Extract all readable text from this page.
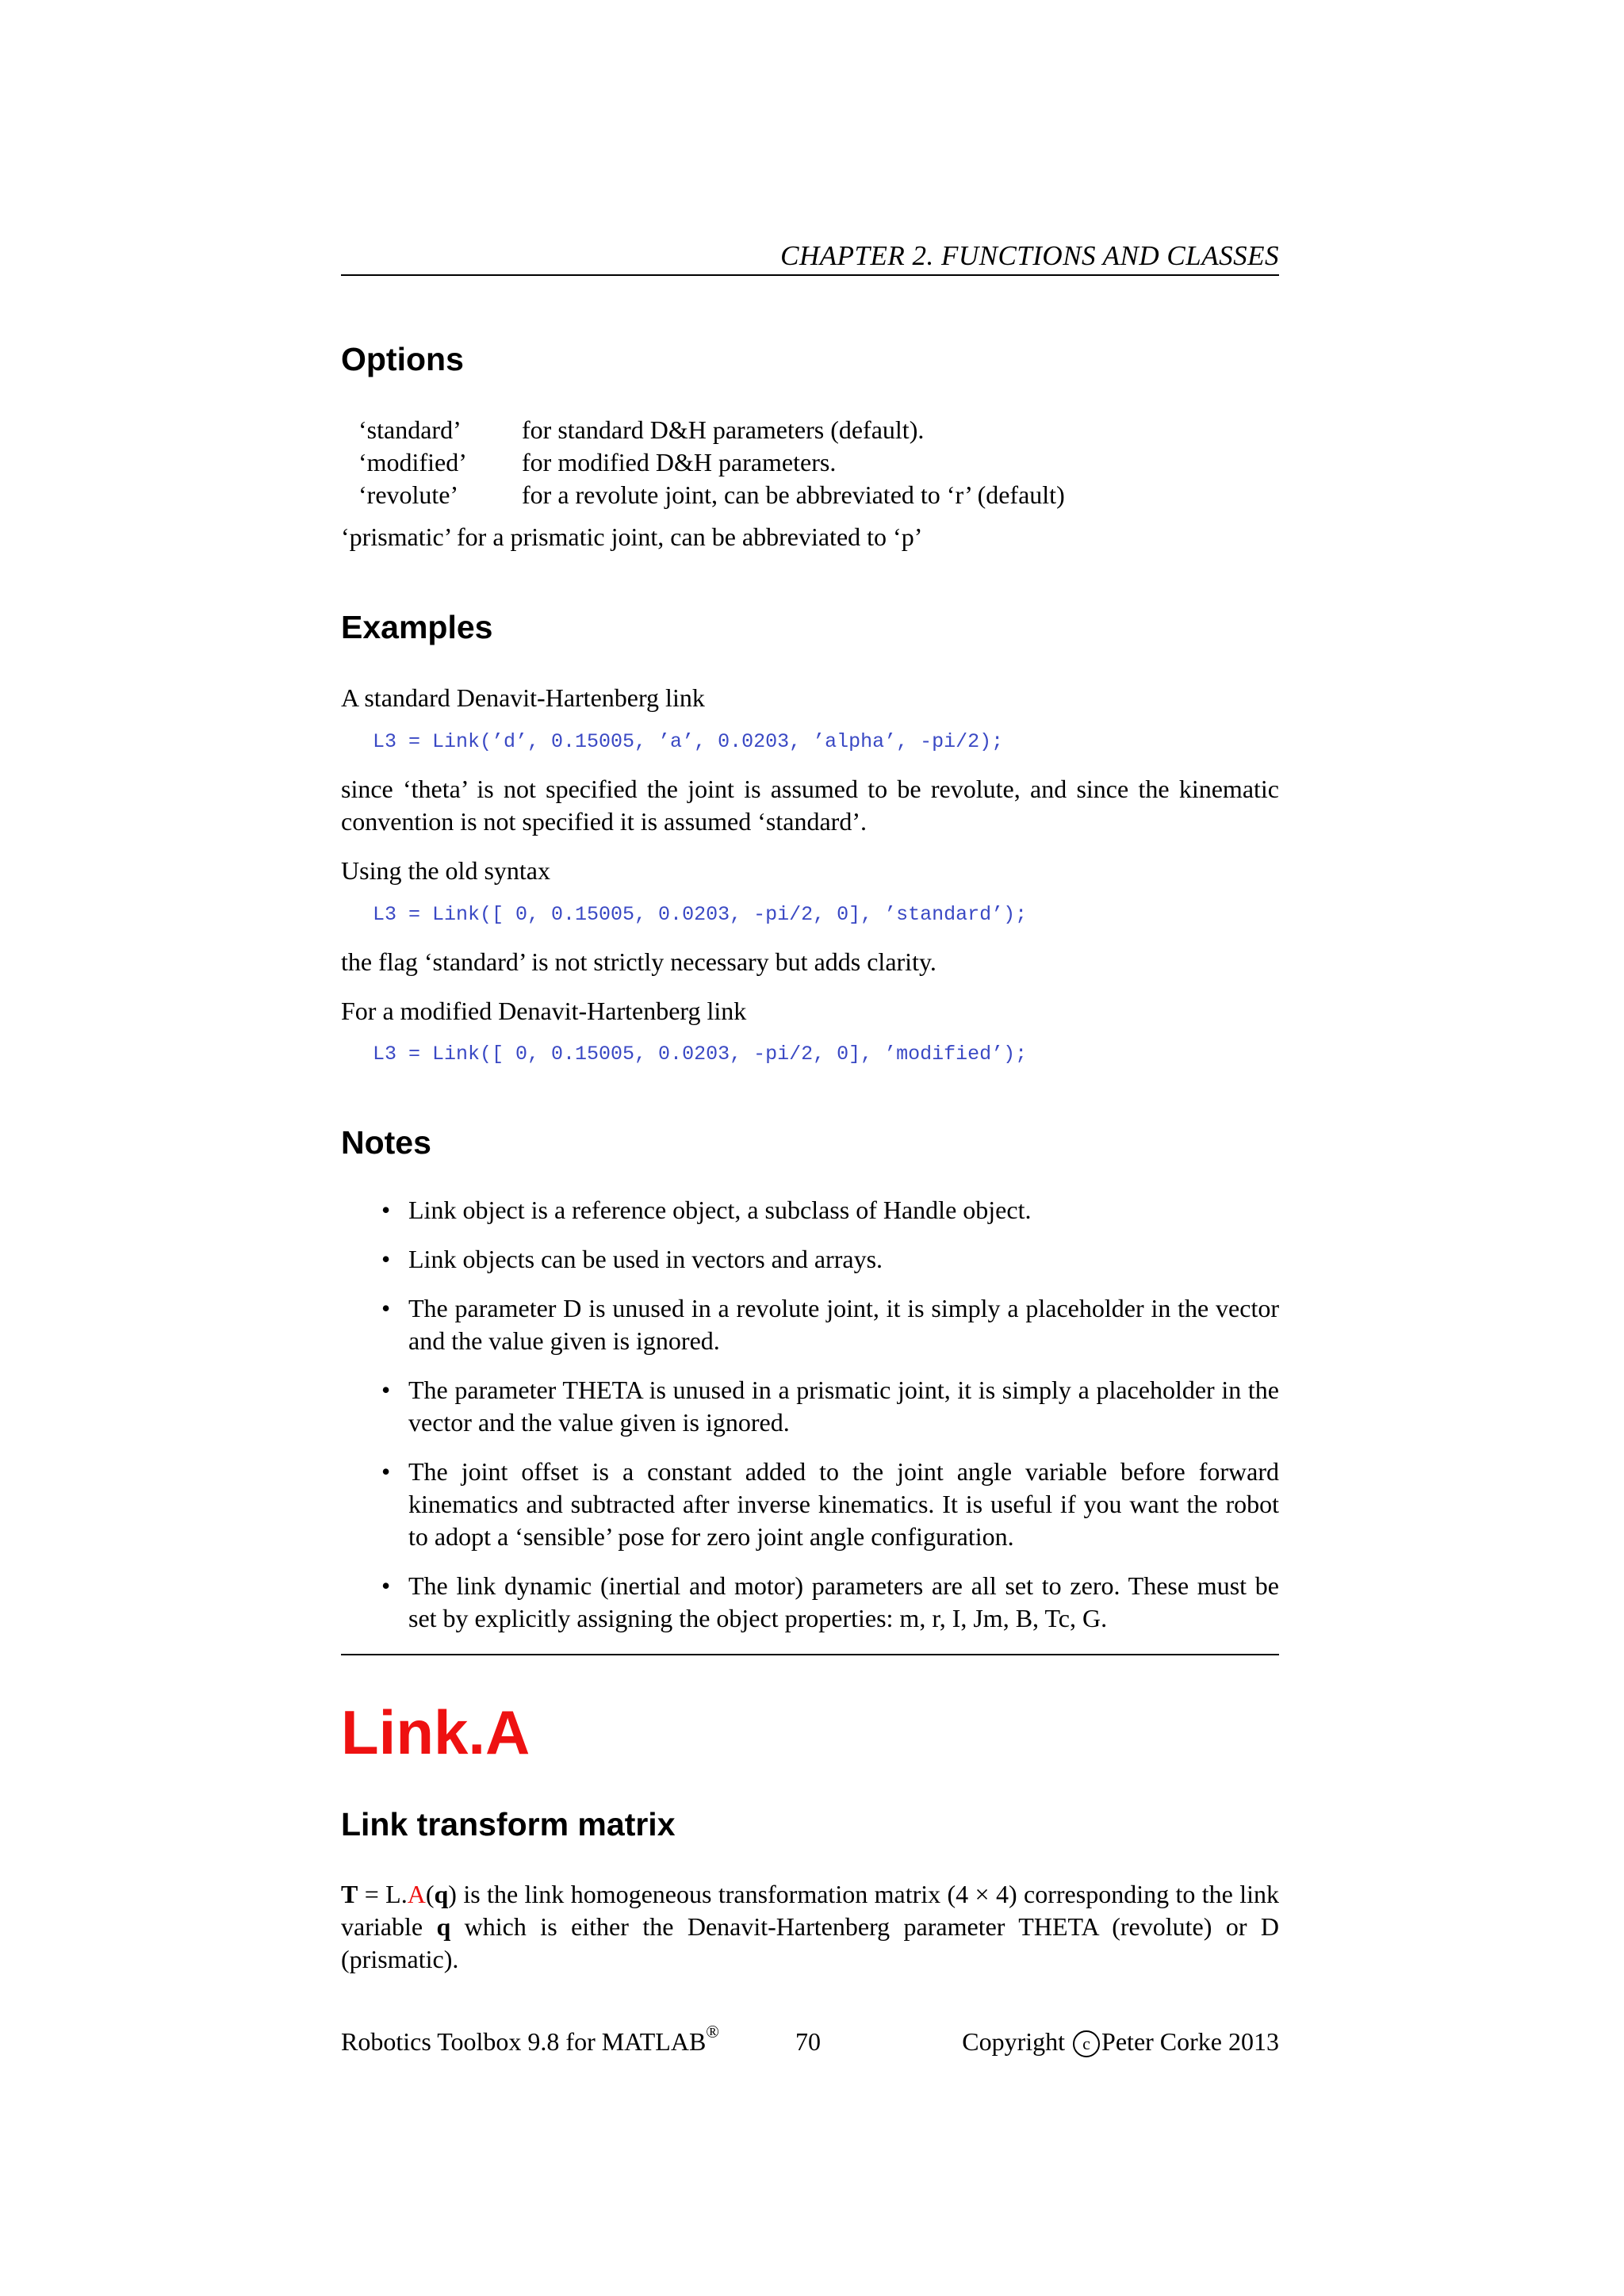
CHAPTER 2. FUNCTIONS AND CLASSES
Options
‘standard’ for standard D&H parameters (default).
‘modified’ for modified D&H parameters.
‘revolute’ for a revolute joint, can be abbreviated to ‘r’ (default)

‘prismatic’ for a prismatic joint, can be abbreviated to ‘p’

Examples

A standard Denavit-Hartenberg link

L3 = Link(’d’, 0.15005, ’a’, 0.0203, ’alpha’, -pi/2);

since ‘theta’ is not specified the joint is assumed to be revolute, and since the kinematic convention is not specified it is assumed ‘standard’.

Using the old syntax

L3 = Link([ 0, 0.15005, 0.0203, -pi/2, 0], ’standard’);

the flag ‘standard’ is not strictly necessary but adds clarity.

For a modified Denavit-Hartenberg link

L3 = Link([ 0, 0.15005, 0.0203, -pi/2, 0], ’modified’);
Notes
• Link object is a reference object, a subclass of Handle object.
• Link objects can be used in vectors and arrays.
• The parameter D is unused in a revolute joint, it is simply a placeholder in the vector and the value given is ignored.
• The parameter THETA is unused in a prismatic joint, it is simply a placeholder in the vector and the value given is ignored.
• The joint offset is a constant added to the joint angle variable before forward kinematics and subtracted after inverse kinematics. It is useful if you want the robot to adopt a ‘sensible’ pose for zero joint angle configuration.
• The link dynamic (inertial and motor) parameters are all set to zero. These must be set by explicitly assigning the object properties: m, r, I, Jm, B, Tc, G.
Link.A
Link transform matrix

T = L.A(q) is the link homogeneous transformation matrix (4 × 4) corresponding to the link variable q which is either the Denavit-Hartenberg parameter THETA (revolute) or D (prismatic).

Robotics Toolbox 9.8 for MATLAB®	70	Copyright c Peter Corke 2013
